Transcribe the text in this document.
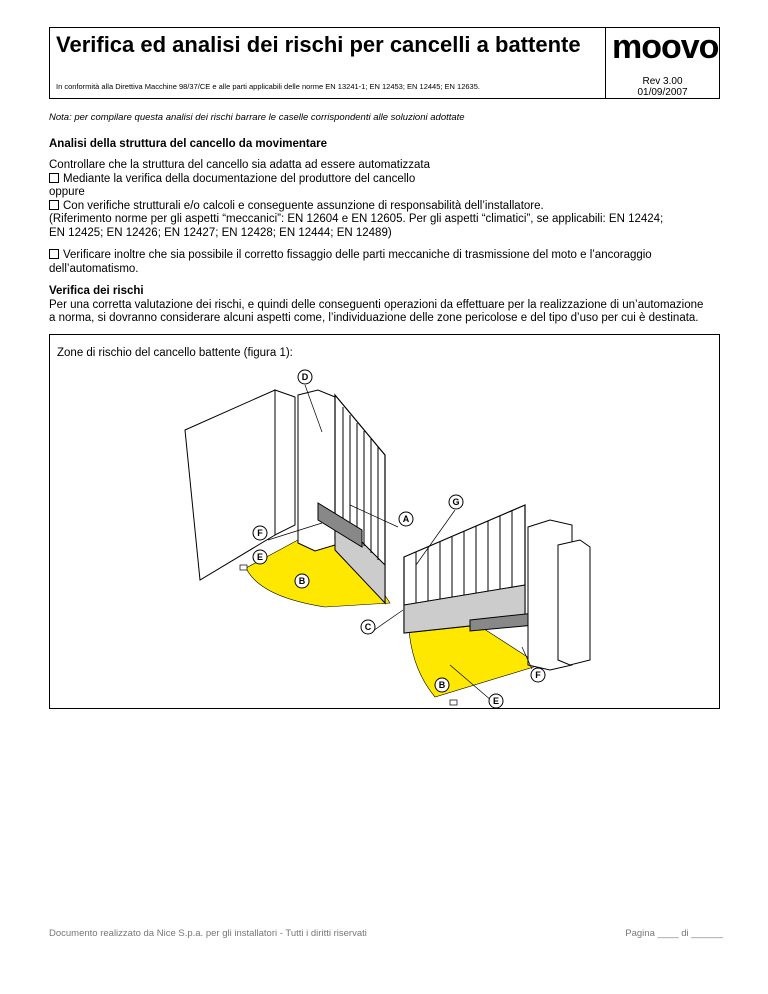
Verifica ed analisi dei rischi per cancelli a battente
In conformità alla Direttiva Macchine 98/37/CE e alle parti applicabili delle norme EN 13241-1; EN 12453; EN 12445; EN 12635.
moovo
Rev 3.00
01/09/2007
Nota: per compilare questa analisi dei rischi barrare le caselle corrispondenti alle soluzioni adottate
Analisi della struttura del cancello da movimentare
Controllare che la struttura del cancello sia adatta ad essere automatizzata
Mediante la verifica della documentazione del produttore del cancello
oppure
Con verifiche strutturali e/o calcoli e conseguente assunzione di responsabilità dell’installatore.
(Riferimento norme per gli aspetti “meccanici”: EN 12604 e EN 12605. Per gli aspetti “climatici”, se applicabili: EN 12424;
EN 12425; EN 12426; EN 12427; EN 12428; EN 12444; EN 12489)
Verificare inoltre che sia possibile il corretto fissaggio delle parti meccaniche di trasmissione del moto e l’ancoraggio
dell’automatismo.
Verifica dei rischi
Per una corretta valutazione dei rischi, e quindi delle conseguenti operazioni da effettuare per la realizzazione di un’automazione
a norma, si dovranno considerare alcuni aspetti come, l’individuazione delle zone pericolose e del tipo d’uso per cui è destinata.
Zone di rischio del cancello battente (figura 1):
D
G
A
F
E
B
C
F
B
E
Documento realizzato da Nice S.p.a. per gli installatori - Tutti i diritti riservati	Pagina ____ di ______
